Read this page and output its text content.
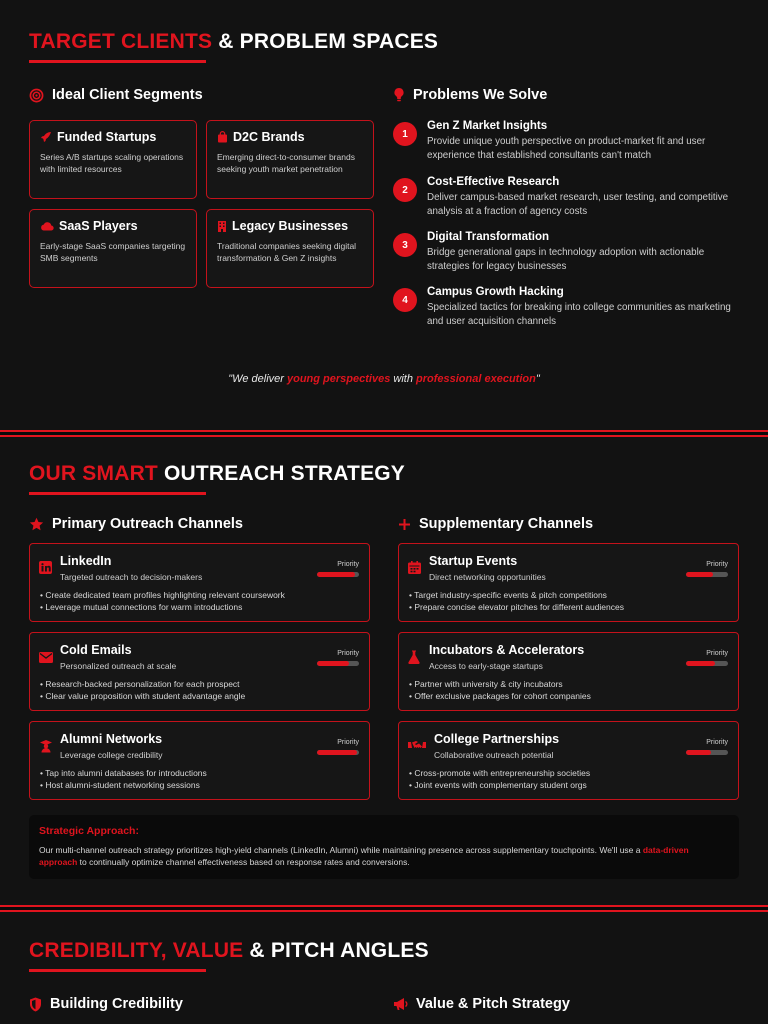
TARGET CLIENTS & PROBLEM SPACES
Ideal Client Segments	Problems We Solve
Funded Startups
Series A/B startups scaling operations with limited resources
D2C Brands
Emerging direct-to-consumer brands seeking youth market penetration
SaaS Players
Early-stage SaaS companies targeting SMB segments
Legacy Businesses
Traditional companies seeking digital transformation & Gen Z insights
1
Gen Z Market Insights
Provide unique youth perspective on product-market fit and user experience that established consultants can't match
2
Cost-Effective Research
Deliver campus-based market research, user testing, and competitive analysis at a fraction of agency costs
3
Digital Transformation
Bridge generational gaps in technology adoption with actionable strategies for legacy businesses
4
Campus Growth Hacking
Specialized tactics for breaking into college communities as marketing and user acquisition channels
"We deliver young perspectives with professional execution"
OUR SMART OUTREACH STRATEGY
Primary Outreach Channels	Supplementary Channels
LinkedIn
Targeted outreach to decision-makers
Priority
• Create dedicated team profiles highlighting relevant coursework
• Leverage mutual connections for warm introductions
Cold Emails
Personalized outreach at scale
Priority
• Research-backed personalization for each prospect
• Clear value proposition with student advantage angle
Alumni Networks
Leverage college credibility
Priority
• Tap into alumni databases for introductions
• Host alumni-student networking sessions
Startup Events
Direct networking opportunities
Priority
• Target industry-specific events & pitch competitions
• Prepare concise elevator pitches for different audiences
Incubators & Accelerators
Access to early-stage startups
Priority
• Partner with university & city incubators
• Offer exclusive packages for cohort companies
College Partnerships
Collaborative outreach potential
Priority
• Cross-promote with entrepreneurship societies
• Joint events with complementary student orgs
Strategic Approach:
Our multi-channel outreach strategy prioritizes high-yield channels (LinkedIn, Alumni) while maintaining presence across supplementary touchpoints. We'll use a data-driven approach to continually optimize channel effectiveness based on response rates and conversions.
CREDIBILITY, VALUE & PITCH ANGLES
Building Credibility	Value & Pitch Strategy
